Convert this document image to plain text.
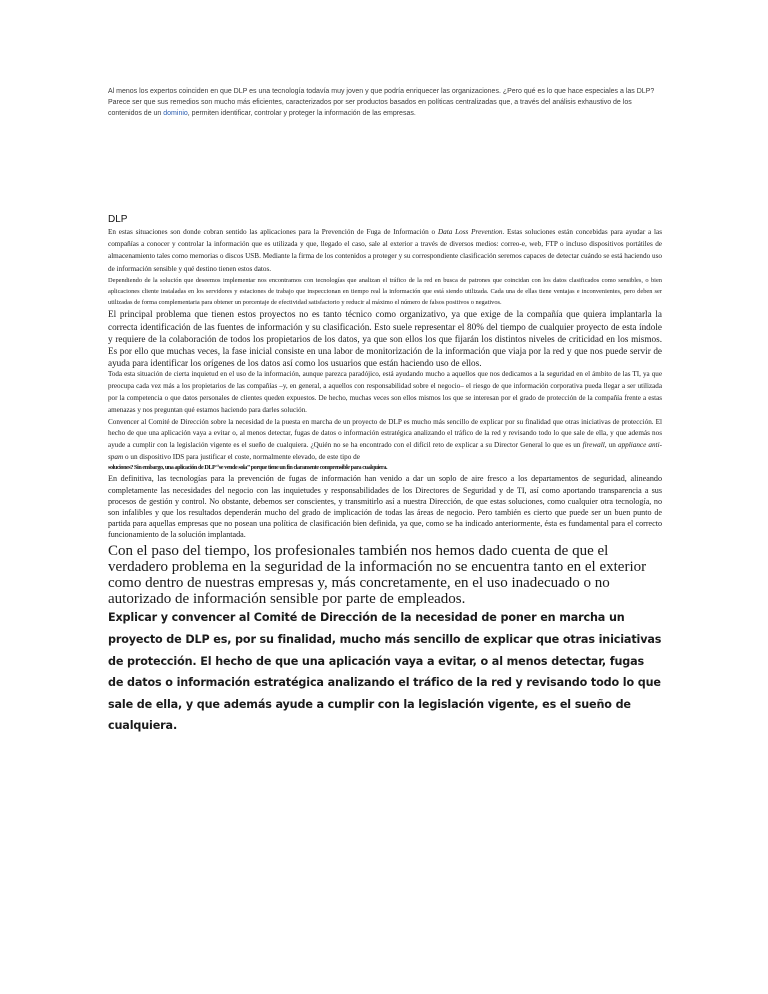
Al menos los expertos coinciden en que DLP es una tecnología todavía muy joven y que podría enriquecer las organizaciones. ¿Pero qué es lo que hace especiales a las DLP? Parece ser que sus remedios son mucho más eficientes, caracterizados por ser productos basados en políticas centralizadas que, a través del análisis exhaustivo de los contenidos de un dominio, permiten identificar, controlar y proteger la información de las empresas.

DLP

En estas situaciones son donde cobran sentido las aplicaciones para la Prevención de Fuga de Información o Data Loss Prevention. Estas soluciones están concebidas para ayudar a las compañías a conocer y controlar la información que es utilizada y que, llegado el caso, sale al exterior a través de diversos medios: correo-e, web, FTP o incluso dispositivos portátiles de almacenamiento tales como memorias o discos USB. Mediante la firma de los contenidos a proteger y su correspondiente clasificación seremos capaces de detectar cuándo se está haciendo uso de información sensible y qué destino tienen estos datos.

Dependiendo de la solución que deseemos implementar nos encontramos con tecnologías que analizan el tráfico de la red en busca de patrones que coincidan con los datos clasificados como sensibles, o bien aplicaciones cliente instaladas en los servidores y estaciones de trabajo que inspeccionan en tiempo real la información que está siendo utilizada. Cada una de ellas tiene ventajas e inconvenientes, pero deben ser utilizadas de forma complementaria para obtener un porcentaje de efectividad satisfactorio y reducir al máximo el número de falsos positivos o negativos.

El principal problema que tienen estos proyectos no es tanto técnico como organizativo, ya que exige de la compañía que quiera implantarla la correcta identificación de las fuentes de información y su clasificación. Esto suele representar el 80% del tiempo de cualquier proyecto de esta índole y requiere de la colaboración de todos los propietarios de los datos, ya que son ellos los que fijarán los distintos niveles de criticidad en los mismos. Es por ello que muchas veces, la fase inicial consiste en una labor de monitorización de la información que viaja por la red y que nos puede servir de ayuda para identificar los orígenes de los datos así como los usuarios que están haciendo uso de ellos.

Toda esta situación de cierta inquietud en el uso de la información, aunque parezca paradójico, está ayudando mucho a aquellos que nos dedicamos a la seguridad en el ámbito de las TI, ya que preocupa cada vez más a los propietarios de las compañías –y, en general, a aquellos con responsabilidad sobre el negocio– el riesgo de que información corporativa pueda llegar a ser utilizada por la competencia o que datos personales de clientes queden expuestos. De hecho, muchas veces son ellos mismos los que se interesan por el grado de protección de la compañía frente a estas amenazas y nos preguntan qué estamos haciendo para darles solución.

Convencer al Comité de Dirección sobre la necesidad de la puesta en marcha de un proyecto de DLP es mucho más sencillo de explicar por su finalidad que otras iniciativas de protección. El hecho de que una aplicación vaya a evitar o, al menos detectar, fugas de datos o información estratégica analizando el tráfico de la red y revisando todo lo que sale de ella, y que además nos ayude a cumplir con la legislación vigente es el sueño de cualquiera. ¿Quién no se ha encontrado con el difícil reto de explicar a su Director General lo que es un firewall, un appliance anti-spam o un dispositivo IDS para justificar el coste, normalmente elevado, de este tipo de

soluciones? Sin embargo, una aplicación de DLP “se vende sola” porque tiene un fin claramente comprensible para cualquiera.

En definitiva, las tecnologías para la prevención de fugas de información han venido a dar un soplo de aire fresco a los departamentos de seguridad, alineando completamente las necesidades del negocio con las inquietudes y responsabilidades de los Directores de Seguridad y de TI, así como aportando transparencia a sus procesos de gestión y control. No obstante, debemos ser conscientes, y transmitirlo así a nuestra Dirección, de que estas soluciones, como cualquier otra tecnología, no son infalibles y que los resultados dependerán mucho del grado de implicación de todas las áreas de negocio. Pero también es cierto que puede ser un buen punto de partida para aquellas empresas que no posean una política de clasificación bien definida, ya que, como se ha indicado anteriormente, ésta es fundamental para el correcto funcionamiento de la solución implantada.

Con el paso del tiempo, los profesionales también nos hemos dado cuenta de que el verdadero problema en la seguridad de la información no se encuentra tanto en el exterior como dentro de nuestras empresas y, más concretamente, en el uso inadecuado o no autorizado de información sensible por parte de empleados.

Explicar y convencer al Comité de Dirección de la necesidad de poner en marcha un proyecto de DLP es, por su finalidad, mucho más sencillo de explicar que otras iniciativas de protección. El hecho de que una aplicación vaya a evitar, o al menos detectar, fugas de datos o información estratégica analizando el tráfico de la red y revisando todo lo que sale de ella, y que además ayude a cumplir con la legislación vigente, es el sueño de cualquiera.
